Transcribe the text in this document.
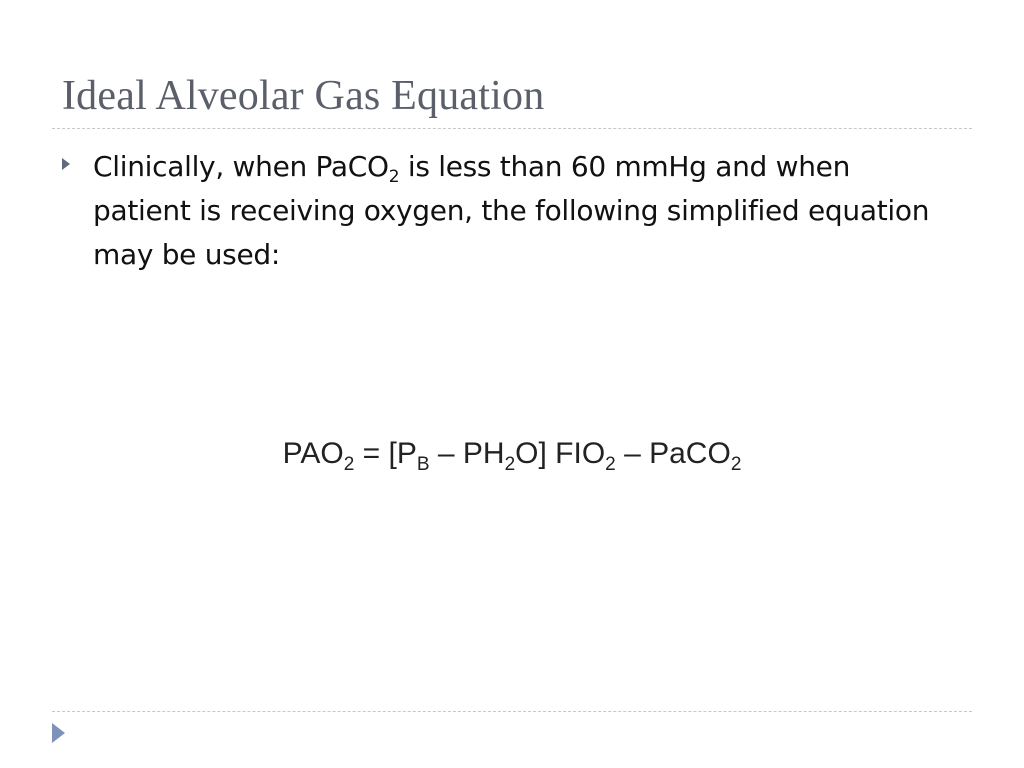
Ideal Alveolar Gas Equation

Clinically, when PaCO$_2$ is less than 60 mmHg and when patient is receiving oxygen, the following simplified equation may be used:

$PAO_2 = [P_B - PH_2O]$ $FIO_2$ – PaCO$_2$
